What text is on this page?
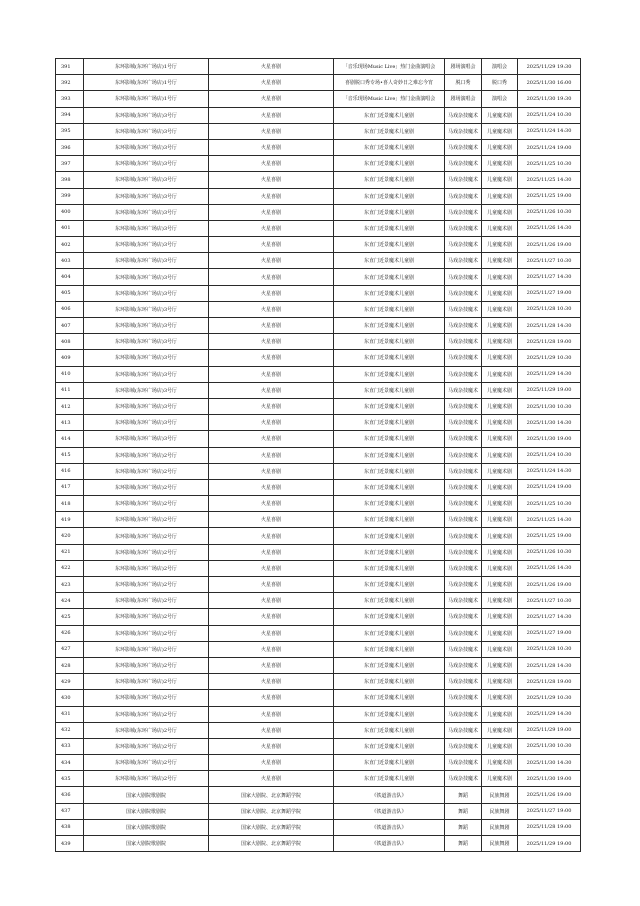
391	东环影城(东环广场店)1号厅	火星喜剧	「音乐现场Music Live」热门金曲演唱会	剧场演唱会	演唱会	2025/11/29 19:30
392	东环影城(东环广场店)1号厅	火星喜剧	喜剧脱口秀专场•喜人奇妙日之难忘今宵	脱口秀	脱口秀	2025/11/30 16:00
393	东环影城(东环广场店)1号厅	火星喜剧	「音乐现场Music Live」热门金曲演唱会	剧场演唱会	演唱会	2025/11/30 19:30
394	东环影城(东环广场店)3号厅	火星喜剧	东直门近景魔术儿童剧	马戏杂技魔术	儿童魔术剧	2025/11/24 10:30
395	东环影城(东环广场店)3号厅	火星喜剧	东直门近景魔术儿童剧	马戏杂技魔术	儿童魔术剧	2025/11/24 14:30
396	东环影城(东环广场店)3号厅	火星喜剧	东直门近景魔术儿童剧	马戏杂技魔术	儿童魔术剧	2025/11/24 19:00
397	东环影城(东环广场店)3号厅	火星喜剧	东直门近景魔术儿童剧	马戏杂技魔术	儿童魔术剧	2025/11/25 10:30
398	东环影城(东环广场店)3号厅	火星喜剧	东直门近景魔术儿童剧	马戏杂技魔术	儿童魔术剧	2025/11/25 14:30
399	东环影城(东环广场店)3号厅	火星喜剧	东直门近景魔术儿童剧	马戏杂技魔术	儿童魔术剧	2025/11/25 19:00
400	东环影城(东环广场店)3号厅	火星喜剧	东直门近景魔术儿童剧	马戏杂技魔术	儿童魔术剧	2025/11/26 10:30
401	东环影城(东环广场店)3号厅	火星喜剧	东直门近景魔术儿童剧	马戏杂技魔术	儿童魔术剧	2025/11/26 14:30
402	东环影城(东环广场店)3号厅	火星喜剧	东直门近景魔术儿童剧	马戏杂技魔术	儿童魔术剧	2025/11/26 19:00
403	东环影城(东环广场店)3号厅	火星喜剧	东直门近景魔术儿童剧	马戏杂技魔术	儿童魔术剧	2025/11/27 10:30
404	东环影城(东环广场店)3号厅	火星喜剧	东直门近景魔术儿童剧	马戏杂技魔术	儿童魔术剧	2025/11/27 14:30
405	东环影城(东环广场店)3号厅	火星喜剧	东直门近景魔术儿童剧	马戏杂技魔术	儿童魔术剧	2025/11/27 19:00
406	东环影城(东环广场店)3号厅	火星喜剧	东直门近景魔术儿童剧	马戏杂技魔术	儿童魔术剧	2025/11/28 10:30
407	东环影城(东环广场店)3号厅	火星喜剧	东直门近景魔术儿童剧	马戏杂技魔术	儿童魔术剧	2025/11/28 14:30
408	东环影城(东环广场店)3号厅	火星喜剧	东直门近景魔术儿童剧	马戏杂技魔术	儿童魔术剧	2025/11/28 19:00
409	东环影城(东环广场店)3号厅	火星喜剧	东直门近景魔术儿童剧	马戏杂技魔术	儿童魔术剧	2025/11/29 10:30
410	东环影城(东环广场店)3号厅	火星喜剧	东直门近景魔术儿童剧	马戏杂技魔术	儿童魔术剧	2025/11/29 14:30
411	东环影城(东环广场店)3号厅	火星喜剧	东直门近景魔术儿童剧	马戏杂技魔术	儿童魔术剧	2025/11/29 19:00
412	东环影城(东环广场店)3号厅	火星喜剧	东直门近景魔术儿童剧	马戏杂技魔术	儿童魔术剧	2025/11/30 10:30
413	东环影城(东环广场店)3号厅	火星喜剧	东直门近景魔术儿童剧	马戏杂技魔术	儿童魔术剧	2025/11/30 14:30
414	东环影城(东环广场店)3号厅	火星喜剧	东直门近景魔术儿童剧	马戏杂技魔术	儿童魔术剧	2025/11/30 19:00
415	东环影城(东环广场店)2号厅	火星喜剧	东直门近景魔术儿童剧	马戏杂技魔术	儿童魔术剧	2025/11/24 10:30
416	东环影城(东环广场店)2号厅	火星喜剧	东直门近景魔术儿童剧	马戏杂技魔术	儿童魔术剧	2025/11/24 14:30
417	东环影城(东环广场店)2号厅	火星喜剧	东直门近景魔术儿童剧	马戏杂技魔术	儿童魔术剧	2025/11/24 19:00
418	东环影城(东环广场店)2号厅	火星喜剧	东直门近景魔术儿童剧	马戏杂技魔术	儿童魔术剧	2025/11/25 10:30
419	东环影城(东环广场店)2号厅	火星喜剧	东直门近景魔术儿童剧	马戏杂技魔术	儿童魔术剧	2025/11/25 14:30
420	东环影城(东环广场店)2号厅	火星喜剧	东直门近景魔术儿童剧	马戏杂技魔术	儿童魔术剧	2025/11/25 19:00
421	东环影城(东环广场店)2号厅	火星喜剧	东直门近景魔术儿童剧	马戏杂技魔术	儿童魔术剧	2025/11/26 10:30
422	东环影城(东环广场店)2号厅	火星喜剧	东直门近景魔术儿童剧	马戏杂技魔术	儿童魔术剧	2025/11/26 14:30
423	东环影城(东环广场店)2号厅	火星喜剧	东直门近景魔术儿童剧	马戏杂技魔术	儿童魔术剧	2025/11/26 19:00
424	东环影城(东环广场店)2号厅	火星喜剧	东直门近景魔术儿童剧	马戏杂技魔术	儿童魔术剧	2025/11/27 10:30
425	东环影城(东环广场店)2号厅	火星喜剧	东直门近景魔术儿童剧	马戏杂技魔术	儿童魔术剧	2025/11/27 14:30
426	东环影城(东环广场店)2号厅	火星喜剧	东直门近景魔术儿童剧	马戏杂技魔术	儿童魔术剧	2025/11/27 19:00
427	东环影城(东环广场店)2号厅	火星喜剧	东直门近景魔术儿童剧	马戏杂技魔术	儿童魔术剧	2025/11/28 10:30
428	东环影城(东环广场店)2号厅	火星喜剧	东直门近景魔术儿童剧	马戏杂技魔术	儿童魔术剧	2025/11/28 14:30
429	东环影城(东环广场店)2号厅	火星喜剧	东直门近景魔术儿童剧	马戏杂技魔术	儿童魔术剧	2025/11/28 19:00
430	东环影城(东环广场店)2号厅	火星喜剧	东直门近景魔术儿童剧	马戏杂技魔术	儿童魔术剧	2025/11/29 10:30
431	东环影城(东环广场店)2号厅	火星喜剧	东直门近景魔术儿童剧	马戏杂技魔术	儿童魔术剧	2025/11/29 14:30
432	东环影城(东环广场店)2号厅	火星喜剧	东直门近景魔术儿童剧	马戏杂技魔术	儿童魔术剧	2025/11/29 19:00
433	东环影城(东环广场店)2号厅	火星喜剧	东直门近景魔术儿童剧	马戏杂技魔术	儿童魔术剧	2025/11/30 10:30
434	东环影城(东环广场店)2号厅	火星喜剧	东直门近景魔术儿童剧	马戏杂技魔术	儿童魔术剧	2025/11/30 14:30
435	东环影城(东环广场店)2号厅	火星喜剧	东直门近景魔术儿童剧	马戏杂技魔术	儿童魔术剧	2025/11/30 19:00
436	国家大剧院歌剧院	国家大剧院、北京舞蹈学院	《铁道游击队》	舞蹈	民族舞剧	2025/11/26 19:00
437	国家大剧院歌剧院	国家大剧院、北京舞蹈学院	《铁道游击队》	舞蹈	民族舞剧	2025/11/27 19:00
438	国家大剧院歌剧院	国家大剧院、北京舞蹈学院	《铁道游击队》	舞蹈	民族舞剧	2025/11/28 19:00
439	国家大剧院歌剧院	国家大剧院、北京舞蹈学院	《铁道游击队》	舞蹈	民族舞剧	2025/11/29 19:00
